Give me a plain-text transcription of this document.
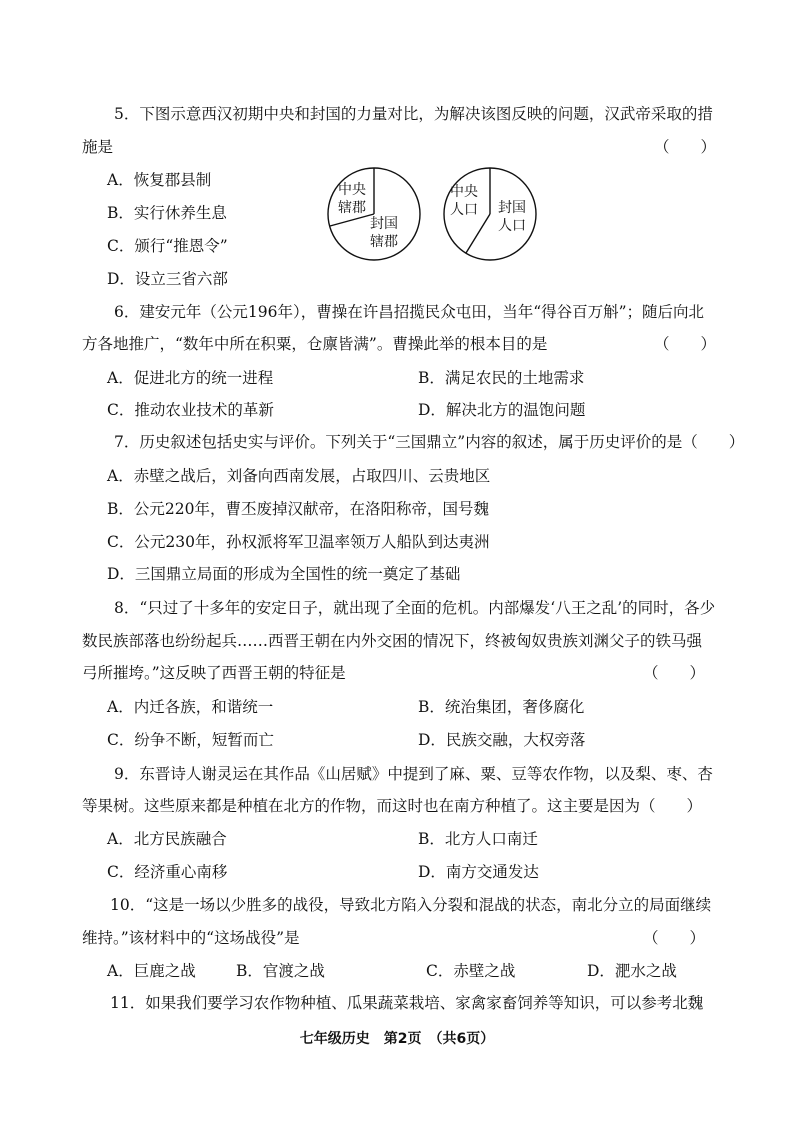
5．下图示意西汉初期中央和封国的力量对比，为解决该图反映的问题，汉武帝采取的措
施是	（　　）
A．恢复郡县制
B．实行休养生息
C．颁行“推恩令”
D．设立三省六部
中央
辖郡
封国
辖郡
中央
人口 封国
人口
6．建安元年（公元196年），曹操在许昌招揽民众屯田，当年“得谷百万斛”；随后向北
方各地推广，“数年中所在积粟，仓廪皆满”。曹操此举的根本目的是	（　　）
A．促进北方的统一进程	B．满足农民的土地需求
C．推动农业技术的革新	D．解决北方的温饱问题
7．历史叙述包括史实与评价。下列关于“三国鼎立”内容的叙述，属于历史评价的是（　　）
A．赤壁之战后，刘备向西南发展，占取四川、云贵地区
B．公元220年，曹丕废掉汉献帝，在洛阳称帝，国号魏
C．公元230年，孙权派将军卫温率领万人船队到达夷洲
D．三国鼎立局面的形成为全国性的统一奠定了基础
8．“只过了十多年的安定日子，就出现了全面的危机。内部爆发‘八王之乱’的同时，各少
数民族部落也纷纷起兵……西晋王朝在内外交困的情况下，终被匈奴贵族刘渊父子的铁马强
弓所摧垮。”这反映了西晋王朝的特征是	（　　）
A．内迁各族，和谐统一	B．统治集团，奢侈腐化
C．纷争不断，短暂而亡	D．民族交融，大权旁落
9．东晋诗人谢灵运在其作品《山居赋》中提到了麻、粟、豆等农作物，以及梨、枣、杏
等果树。这些原来都是种植在北方的作物，而这时也在南方种植了。这主要是因为（　　）
A．北方民族融合	B．北方人口南迁
C．经济重心南移	D．南方交通发达
10．“这是一场以少胜多的战役，导致北方陷入分裂和混战的状态，南北分立的局面继续
维持。”该材料中的“这场战役”是	（　　）
A．巨鹿之战	B．官渡之战	C．赤壁之战	D．淝水之战
11．如果我们要学习农作物种植、瓜果蔬菜栽培、家禽家畜饲养等知识，可以参考北魏
七年级历史　第2页　（共6页）
